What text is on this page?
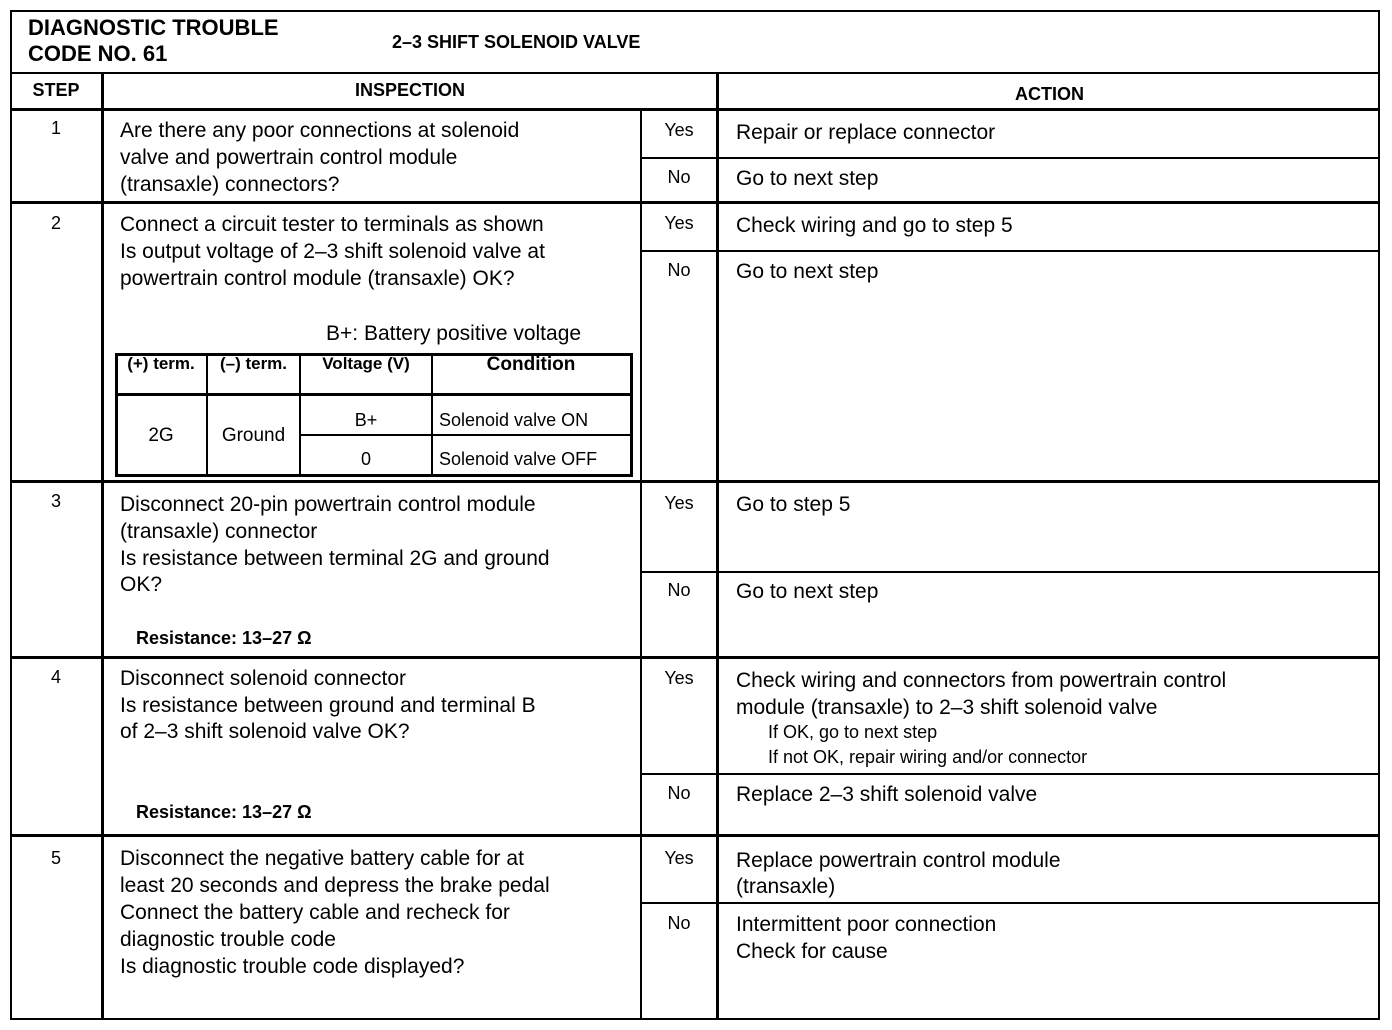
DIAGNOSTIC TROUBLE
CODE NO. 61	2–3 SHIFT SOLENOID VALVE
STEP	INSPECTION	ACTION
1	Are there any poor connections at solenoid
valve and powertrain control module
(transaxle) connectors?
Yes	Repair or replace connector
No	Go to next step
2	Connect a circuit tester to terminals as shown
Is output voltage of 2–3 shift solenoid valve at
powertrain control module (transaxle) OK?
B+: Battery positive voltage
(+) term.	(–) term.	Voltage (V)	Condition
2G	Ground
B+	Solenoid valve ON
0	Solenoid valve OFF
Yes	Check wiring and go to step 5
No	Go to next step
3	Disconnect 20-pin powertrain control module
(transaxle) connector
Is resistance between terminal 2G and ground
OK?
Resistance: 13–27 Ω
Yes	Go to step 5
No	Go to next step
4	Disconnect solenoid connector
Is resistance between ground and terminal B
of 2–3 shift solenoid valve OK?
Resistance: 13–27 Ω
Yes	Check wiring and connectors from powertrain control
module (transaxle) to 2–3 shift solenoid valve
If OK, go to next step
If not OK, repair wiring and/or connector
No	Replace 2–3 shift solenoid valve
5	Disconnect the negative battery cable for at
least 20 seconds and depress the brake pedal
Connect the battery cable and recheck for
diagnostic trouble code
Is diagnostic trouble code displayed?
Yes	Replace powertrain control module
(transaxle)
No	Intermittent poor connection
Check for cause
